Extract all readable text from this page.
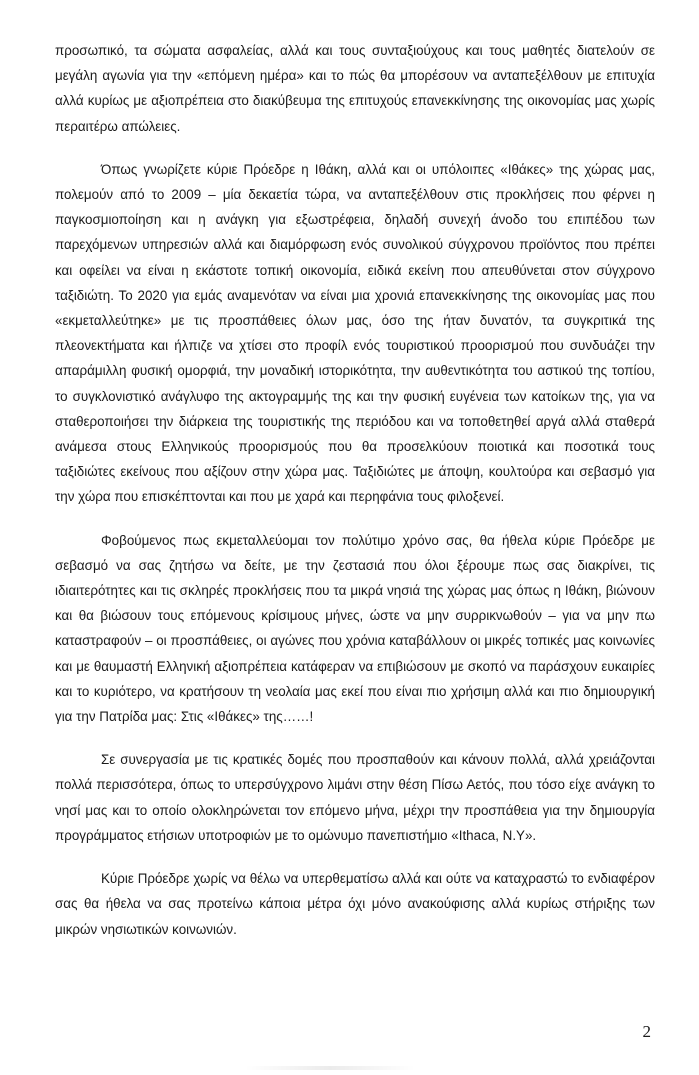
προσωπικό, τα σώματα ασφαλείας, αλλά και τους συνταξιούχους και τους μαθητές διατελούν σε μεγάλη αγωνία για την «επόμενη ημέρα» και το πώς θα μπορέσουν να ανταπεξέλθουν με επιτυχία αλλά κυρίως με αξιοπρέπεια στο διακύβευμα της επιτυχούς επανεκκίνησης της οικονομίας μας χωρίς περαιτέρω απώλειες.

Όπως γνωρίζετε κύριε Πρόεδρε η Ιθάκη, αλλά και οι υπόλοιπες «Ιθάκες» της χώρας μας, πολεμούν από το 2009 – μία δεκαετία τώρα, να ανταπεξέλθουν στις προκλήσεις που φέρνει η παγκοσμιοποίηση και η ανάγκη για εξωστρέφεια, δηλαδή συνεχή άνοδο του επιπέδου των παρεχόμενων υπηρεσιών αλλά και διαμόρφωση ενός συνολικού σύγχρονου προϊόντος που πρέπει και οφείλει να είναι η εκάστοτε τοπική οικονομία, ειδικά εκείνη που απευθύνεται στον σύγχρονο ταξιδιώτη. Το 2020 για εμάς αναμενόταν να είναι μια χρονιά επανεκκίνησης της οικονομίας μας που «εκμεταλλεύτηκε» με τις προσπάθειες όλων μας, όσο της ήταν δυνατόν, τα συγκριτικά της πλεονεκτήματα και ήλπιζε να χτίσει στο προφίλ ενός τουριστικού προορισμού που συνδυάζει την απαράμιλλη φυσική ομορφιά, την μοναδική ιστορικότητα, την αυθεντικότητα του αστικού της τοπίου, το συγκλονιστικό ανάγλυφο της ακτογραμμής της και την φυσική ευγένεια των κατοίκων της, για να σταθεροποιήσει την διάρκεια της τουριστικής της περιόδου και να τοποθετηθεί αργά αλλά σταθερά ανάμεσα στους Ελληνικούς προορισμούς που θα προσελκύουν ποιοτικά και ποσοτικά τους ταξιδιώτες εκείνους που αξίζουν στην χώρα μας. Ταξιδιώτες με άποψη, κουλτούρα και σεβασμό για την χώρα που επισκέπτονται και που με χαρά και περηφάνια τους φιλοξενεί.

Φοβούμενος πως εκμεταλλεύομαι τον πολύτιμο χρόνο σας, θα ήθελα κύριε Πρόεδρε με σεβασμό να σας ζητήσω να δείτε, με την ζεστασιά που όλοι ξέρουμε πως σας διακρίνει, τις ιδιαιτερότητες και τις σκληρές προκλήσεις που τα μικρά νησιά της χώρας μας όπως η Ιθάκη, βιώνουν και θα βιώσουν τους επόμενους κρίσιμους μήνες, ώστε να μην συρρικνωθούν – για να μην πω καταστραφούν – οι προσπάθειες, οι αγώνες που χρόνια καταβάλλουν οι μικρές τοπικές μας κοινωνίες και με θαυμαστή Ελληνική αξιοπρέπεια κατάφεραν να επιβιώσουν με σκοπό να παράσχουν ευκαιρίες και το κυριότερο, να κρατήσουν τη νεολαία μας εκεί που είναι πιο χρήσιμη αλλά και πιο δημιουργική για την Πατρίδα μας: Στις «Ιθάκες» της……!

Σε συνεργασία με τις κρατικές δομές που προσπαθούν και κάνουν πολλά, αλλά χρειάζονται πολλά περισσότερα, όπως το υπερσύγχρονο λιμάνι στην θέση Πίσω Αετός, που τόσο είχε ανάγκη το νησί μας και το οποίο ολοκληρώνεται τον επόμενο μήνα, μέχρι την προσπάθεια για την δημιουργία προγράμματος ετήσιων υποτροφιών με το ομώνυμο πανεπιστήμιο «Ithaca, N.Y».

Κύριε Πρόεδρε χωρίς να θέλω να υπερθεματίσω αλλά και ούτε να καταχραστώ το ενδιαφέρον σας θα ήθελα να σας προτείνω κάποια μέτρα όχι μόνο ανακούφισης αλλά κυρίως στήριξης των μικρών νησιωτικών κοινωνιών.

2
